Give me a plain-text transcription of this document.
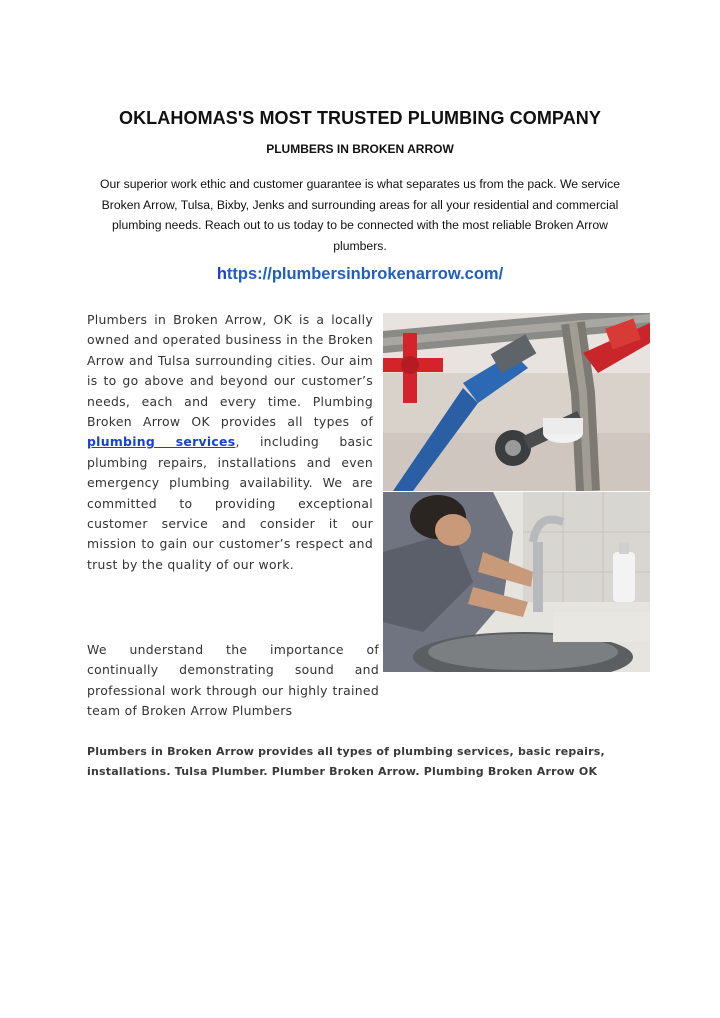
OKLAHOMAS'S MOST TRUSTED PLUMBING COMPANY
PLUMBERS IN BROKEN ARROW
Our superior work ethic and customer guarantee is what separates us from the pack. We service Broken Arrow, Tulsa, Bixby, Jenks and surrounding areas for all your residential and commercial plumbing needs. Reach out to us today to be connected with the most reliable Broken Arrow plumbers.
https://plumbersinbrokenarrow.com/
Plumbers in Broken Arrow, OK is a locally owned and operated business in the Broken Arrow and Tulsa surrounding cities. Our aim is to go above and beyond our customer’s needs, each and every time. Plumbing Broken Arrow OK provides all types of plumbing services, including basic plumbing repairs, installations and even emergency plumbing availability. We are committed to providing exceptional customer service and consider it our mission to gain our customer’s respect and trust by the quality of our work.
We understand the importance of continually demonstrating sound and professional work through our highly trained team of Broken Arrow Plumbers
Plumbers in Broken Arrow provides all types of plumbing services, basic repairs, installations. Tulsa Plumber. Plumber Broken Arrow. Plumbing Broken Arrow OK
